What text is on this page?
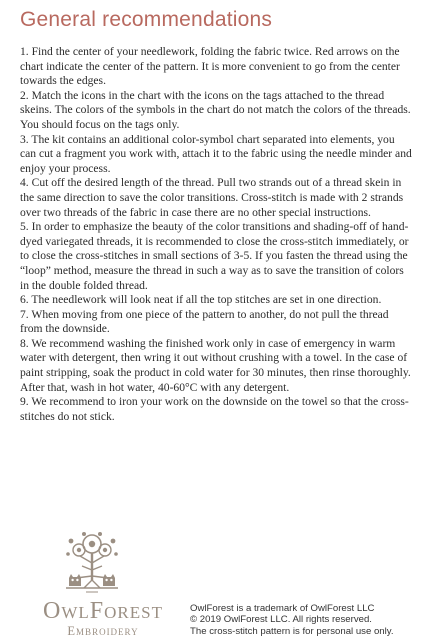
General recommendations
1. Find the center of your needlework, folding the fabric twice. Red arrows on the chart indicate the center of the pattern. It is more convenient to go from the center towards the edges.
2. Match the icons in the chart with the icons on the tags attached to the thread skeins. The colors of the symbols in the chart do not match the colors of the threads. You should focus on the tags only.
3. The kit contains an additional color-symbol chart separated into elements, you can cut a fragment you work with, attach it to the fabric using the needle minder and enjoy your process.
4. Cut off the desired length of the thread. Pull two strands out of a thread skein in the same direction to save the color transitions. Cross-stitch is made with 2 strands over two threads of the fabric in case there are no other special instructions.
5. In order to emphasize the beauty of the color transitions and shading-off of hand-dyed variegated threads, it is recommended to close the cross-stitch immediately, or to close the cross-stitches in small sections of 3-5. If you fasten the thread using the “loop” method, measure the thread in such a way as to save the transition of colors in the double folded thread.
6. The needlework will look neat if all the top stitches are set in one direction.
7. When moving from one piece of the pattern to another, do not pull the thread from the downside.
8. We recommend washing the finished work only in case of emergency in warm water with detergent, then wring it out without crushing with a towel. In the case of paint stripping, soak the product in cold water for 30 minutes, then rinse thoroughly. After that, wash in hot water, 40-60°C with any detergent.
9. We recommend to iron your work on the downside on the towel so that the cross-stitches do not stick.
OwlForest
Embroidery
OwlForest is a trademark of OwlForest LLC
© 2019 OwlForest LLC. All rights reserved.
The cross-stitch pattern is for personal use only.
